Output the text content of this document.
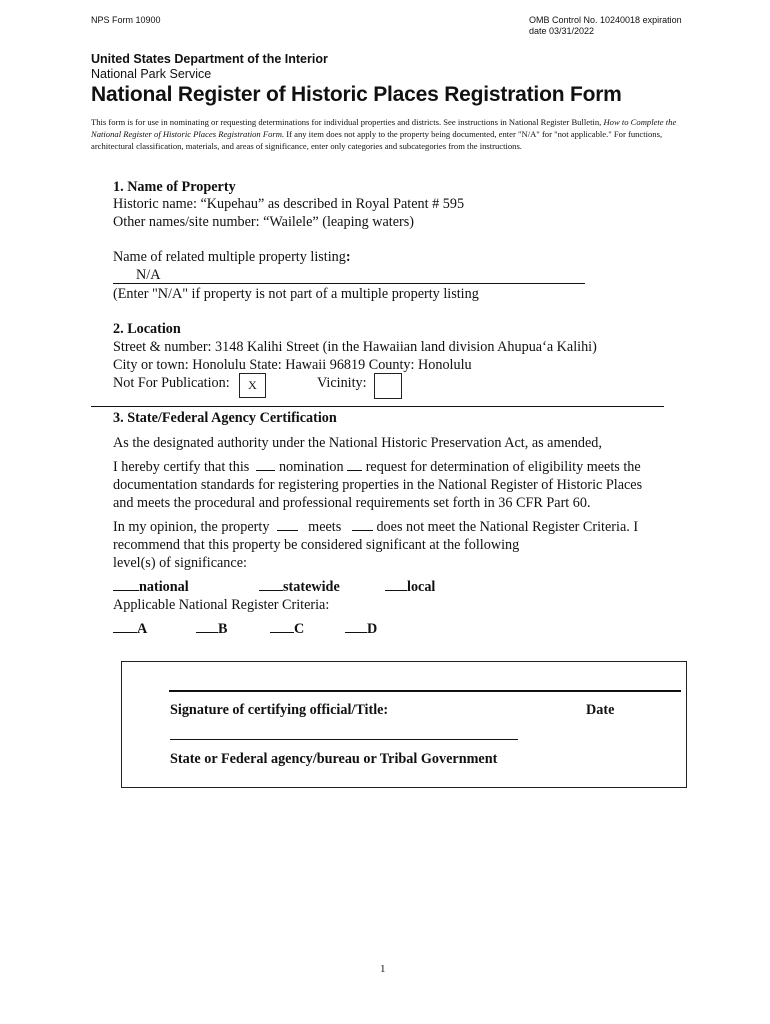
NPS Form 10900	OMB Control No. 10240018 expiration
date 03/31/2022
United States Department of the Interior
National Park Service
National Register of Historic Places Registration Form
This form is for use in nominating or requesting determinations for individual properties and districts. See instructions in National Register Bulletin, How to Complete the National Register of Historic Places Registration Form. If any item does not apply to the property being documented, enter "N/A" for "not applicable." For functions, architectural classification, materials, and areas of significance, enter only categories and subcategories from the instructions.
1. Name of Property
Historic name: “Kupehau” as described in Royal Patent # 595
Other names/site number: “Wailele” (leaping waters)
Name of related multiple property listing:
N/A
(Enter "N/A" if property is not part of a multiple property listing
2. Location
Street & number: 3148 Kalihi Street (in the Hawaiian land division Ahupua‘a Kalihi)
City or town: Honolulu State: Hawaii 96819 County: Honolulu
Not For Publication:	X	Vicinity:
3. State/Federal Agency Certification
As the designated authority under the National Historic Preservation Act, as amended,
I hereby certify that this nomination request for determination of eligibility meets the
documentation standards for registering properties in the National Register of Historic Places
and meets the procedural and professional requirements set forth in 36 CFR Part 60.
In my opinion, the property	meets does not meet the National Register Criteria. I
recommend that this property be considered significant at the following
level(s) of significance:
national	statewide	local
Applicable National Register Criteria:
A	B	C	D
Signature of certifying official/Title:	Date
State or Federal agency/bureau or Tribal Government
1
